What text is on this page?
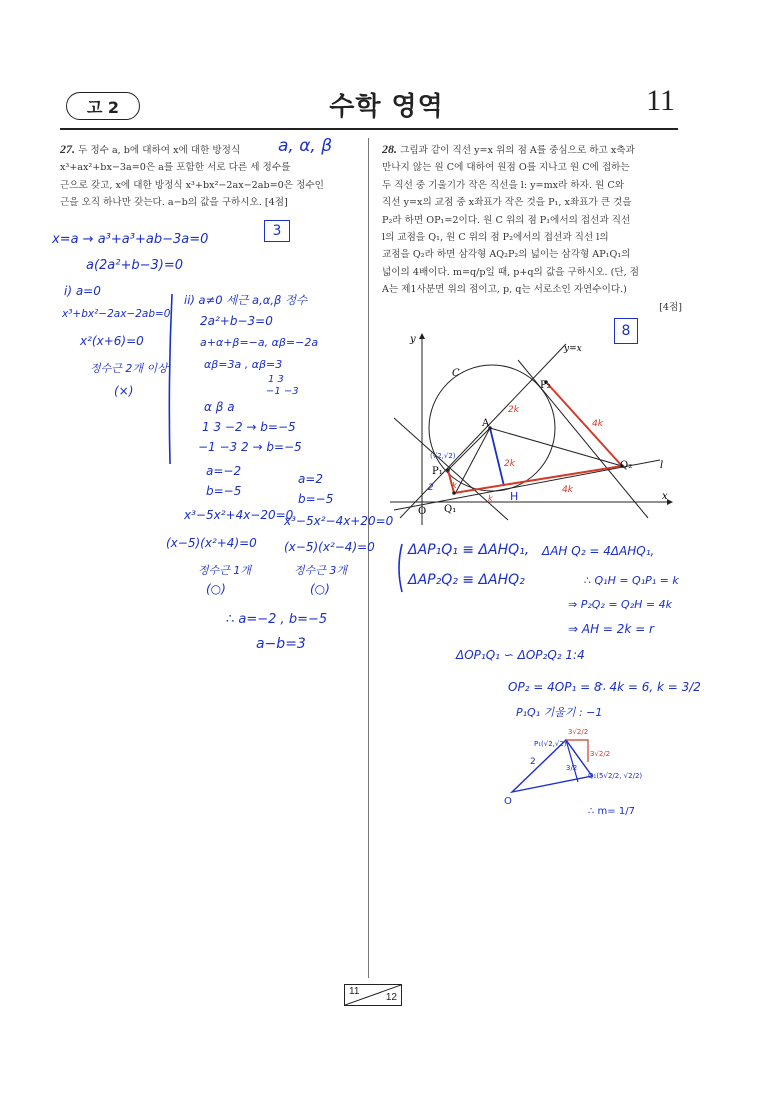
고 2	수학 영역	11
27. 두 정수 a, b에 대하여 x에 대한 방정식
x³+ax²+bx−3a=0은 a를 포함한 서로 다른 세 정수를
근으로 갖고, x에 대한 방정식 x³+bx²−2ax−2ab=0은 정수인
근을 오직 하나만 갖는다. a−b의 값을 구하시오. [4점]
a, α, β
3
x=a → a³+a³+ab−3a=0
a(2a²+b−3)=0
i) a=0
x³+bx²−2ax−2ab=0
x²(x+6)=0
정수근 2개 이상
(×)
ii) a≠0 세근 a,α,β 정수
2a²+b−3=0
a+α+β=−a, αβ=−2a
αβ=3a , αβ=3
1 3
−1 −3
α β a
1 3 −2 → b=−5
−1 −3 2 → b=−5
a=−2
b=−5
a=2
b=−5
x³−5x²+4x−20=0
x³−5x²−4x+20=0
(x−5)(x²+4)=0 (x−5)(x²−4)=0
정수근 1개	정수근 3개
(○)	(○)
∴ a=−2 , b=−5
a−b=3
28. 그림과 같이 직선 y=x 위의 점 A를 중심으로 하고 x축과
만나지 않는 원 C에 대하여 원점 O를 지나고 원 C에 접하는
두 직선 중 기울기가 작은 직선을 l: y=mx라 하자. 원 C와
직선 y=x의 교점 중 x좌표가 작은 것을 P₁, x좌표가 큰 것을
P₂라 하면 OP₁=2이다. 원 C 위의 점 P₁에서의 접선과 직선
l의 교점을 Q₁, 원 C 위의 점 P₂에서의 접선과 직선 l의
교점을 Q₂라 하면 삼각형 AQ₂P₂의 넓이는 삼각형 AP₁Q₁의
넓이의 4배이다. m=q/p일 때, p+q의 값을 구하시오. (단, 점
A는 제1사분면 위의 점이고, p, q는 서로소인 자연수이다.)
[4점]
8
y
x
y=x
C
A
P₁
P₂
Q₁
Q₂	l
O
2k
2k
4k
4k
k
k
2
H
(√2,√2)
ΔAP₁Q₁ ≡ ΔAHQ₁, ΔAH Q₂ = 4ΔAHQ₁,
ΔAP₂Q₂ ≡ ΔAHQ₂	∴ Q₁H = Q₁P₁ = k
⇒ P₂Q₂ = Q₂H = 4k
⇒ AH = 2k = r
ΔOP₁Q₁ ∽ ΔOP₂Q₂ 1:4
OP₂ = 4OP₁ = 8
∴ 4k = 6, k = 3/2
P₁Q₁ 기울기 : −1
P₁(√2,√2)
3√2/2
3√2/2
2
3/2
Q₁(5√2/2, √2/2)
O
∴ m= 1/7
11
12
